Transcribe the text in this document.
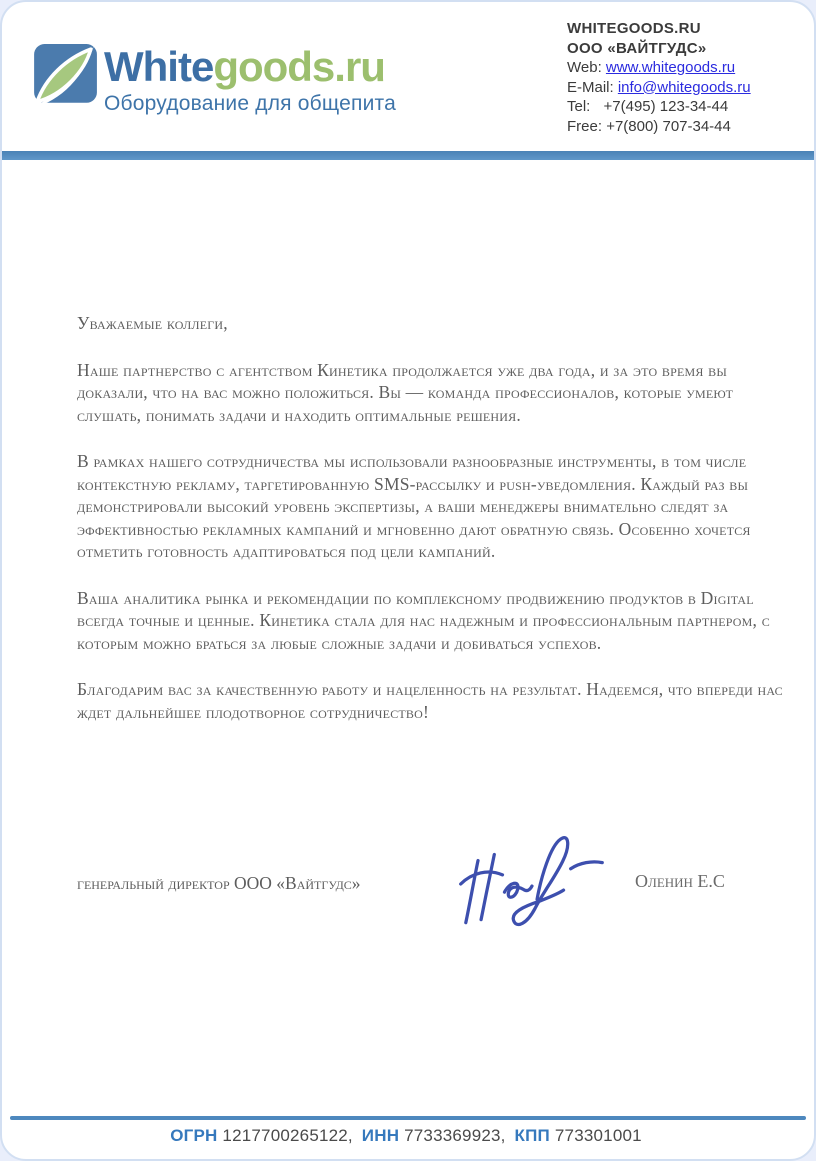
Whitegoods.ru
Оборудование для общепита
WHITEGOODS.RU
ООО «ВАЙТГУДС»
Web: www.whitegoods.ru
E-Mail: info@whitegoods.ru
Tel: +7(495) 123-34-44
Free: +7(800) 707-34-44

Уважаемые коллеги,

Наше партнерство с агентством Кинетика продолжается уже два года, и за это время вы доказали, что на вас можно положиться. Вы — команда профессионалов, которые умеют слушать, понимать задачи и находить оптимальные решения.

В рамках нашего сотрудничества мы использовали разнообразные инструменты, в том числе контекстную рекламу, таргетированную SMS-рассылку и push-уведомления. Каждый раз вы демонстрировали высокий уровень экспертизы, а ваши менеджеры внимательно следят за эффективностью рекламных кампаний и мгновенно дают обратную связь. Особенно хочется отметить готовность адаптироваться под цели кампаний.

Ваша аналитика рынка и рекомендации по комплексному продвижению продуктов в Digital всегда точные и ценные. Кинетика стала для нас надежным и профессиональным партнером, с которым можно браться за любые сложные задачи и добиваться успехов.

Благодарим вас за качественную работу и нацеленность на результат. Надеемся, что впереди нас ждет дальнейшее плодотворное сотрудничество!

генеральный директор ООО «Вайтгудс»	Оленин Е.С
ОГРН 1217700265122, ИНН 7733369923, КПП 773301001
